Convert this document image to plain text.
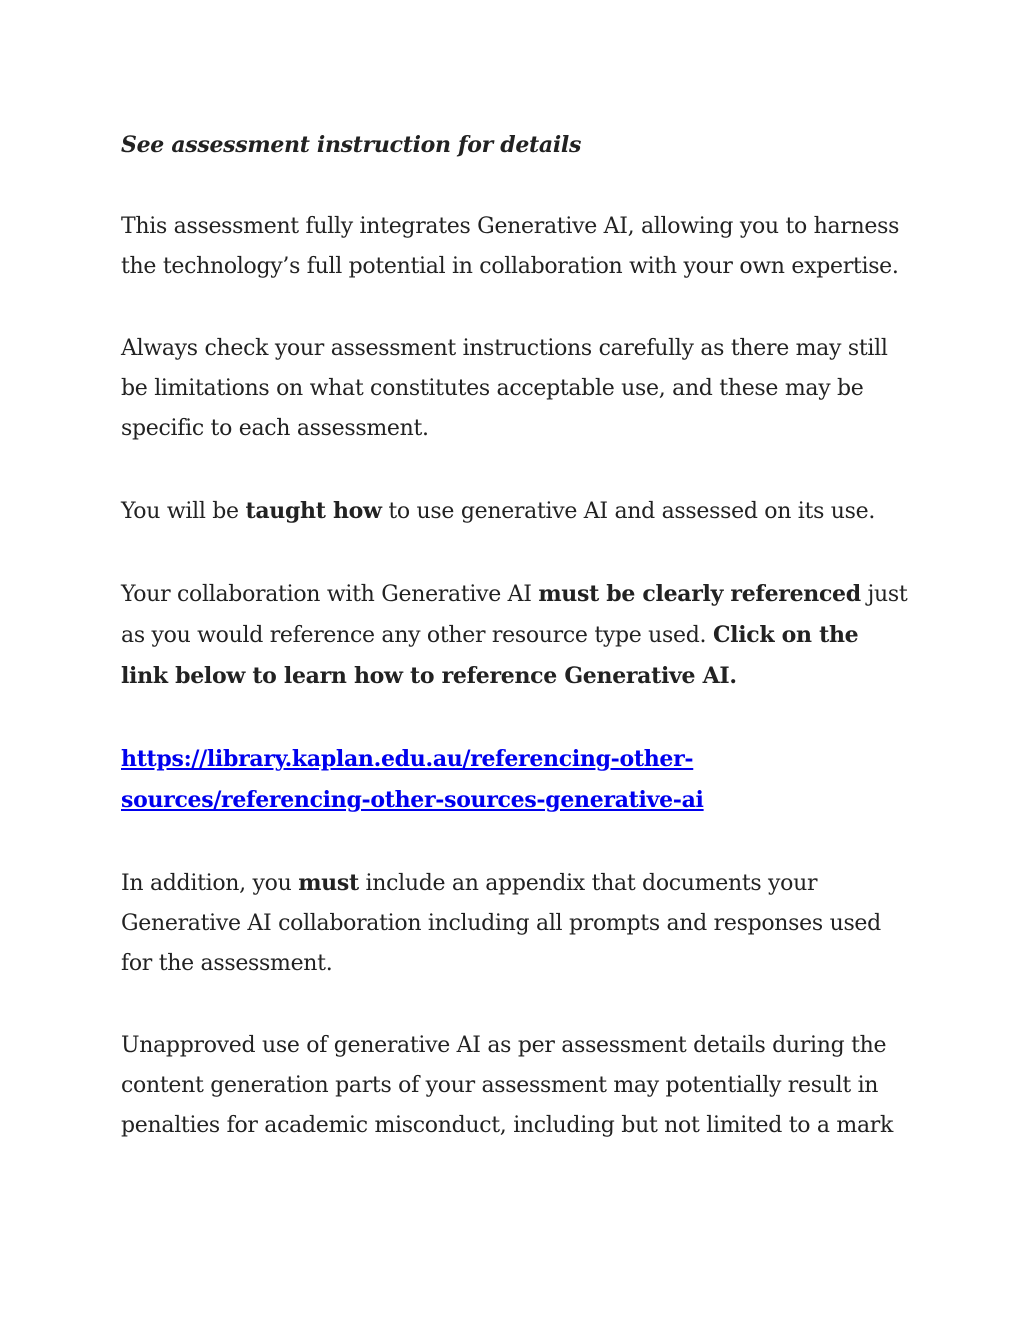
See assessment instruction for details

This assessment fully integrates Generative AI, allowing you to harness the technology’s full potential in collaboration with your own expertise.

Always check your assessment instructions carefully as there may still be limitations on what constitutes acceptable use, and these may be specific to each assessment.

You will be taught how to use generative AI and assessed on its use.

Your collaboration with Generative AI must be clearly referenced just as you would reference any other resource type used. Click on the link below to learn how to reference Generative AI.

https://library.kaplan.edu.au/referencing-other-
sources/referencing-other-sources-generative-ai

In addition, you must include an appendix that documents your Generative AI collaboration including all prompts and responses used for the assessment.

Unapproved use of generative AI as per assessment details during the content generation parts of your assessment may potentially result in penalties for academic misconduct, including but not limited to a mark
